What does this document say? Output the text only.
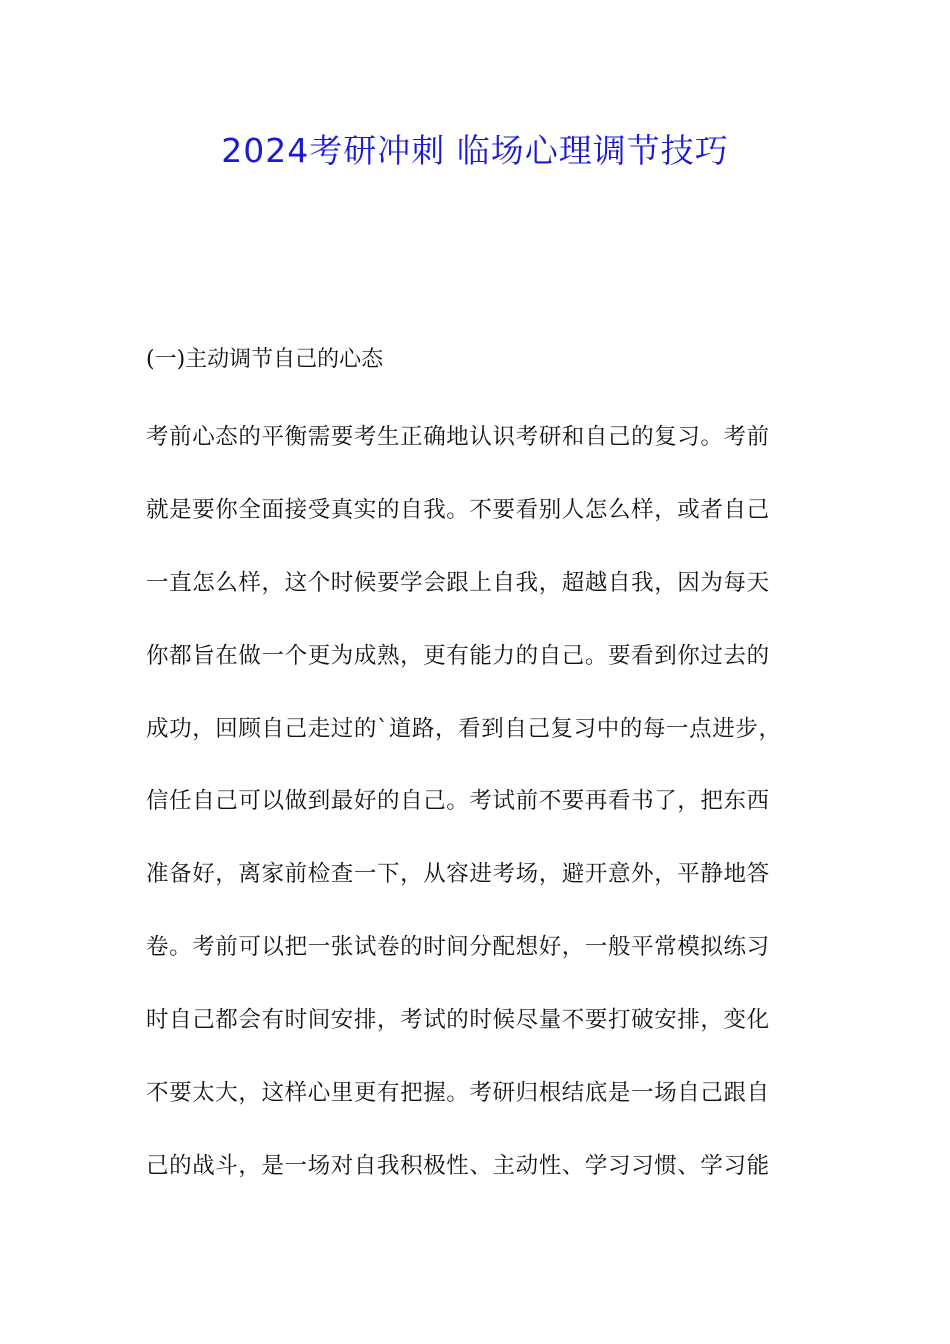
2024考研冲刺 临场心理调节技巧
(一)主动调节自己的心态
考前心态的平衡需要考生正确地认识考研和自己的复习。考前
就是要你全面接受真实的自我。不要看别人怎么样，或者自己
一直怎么样，这个时候要学会跟上自我，超越自我，因为每天
你都旨在做一个更为成熟，更有能力的自己。要看到你过去的
成功，回顾自己走过的`道路，看到自己复习中的每一点进步，
信任自己可以做到最好的自己。考试前不要再看书了，把东西
准备好，离家前检查一下，从容进考场，避开意外，平静地答
卷。考前可以把一张试卷的时间分配想好，一般平常模拟练习
时自己都会有时间安排，考试的时候尽量不要打破安排，变化
不要太大，这样心里更有把握。考研归根结底是一场自己跟自
己的战斗，是一场对自我积极性、主动性、学习习惯、学习能
